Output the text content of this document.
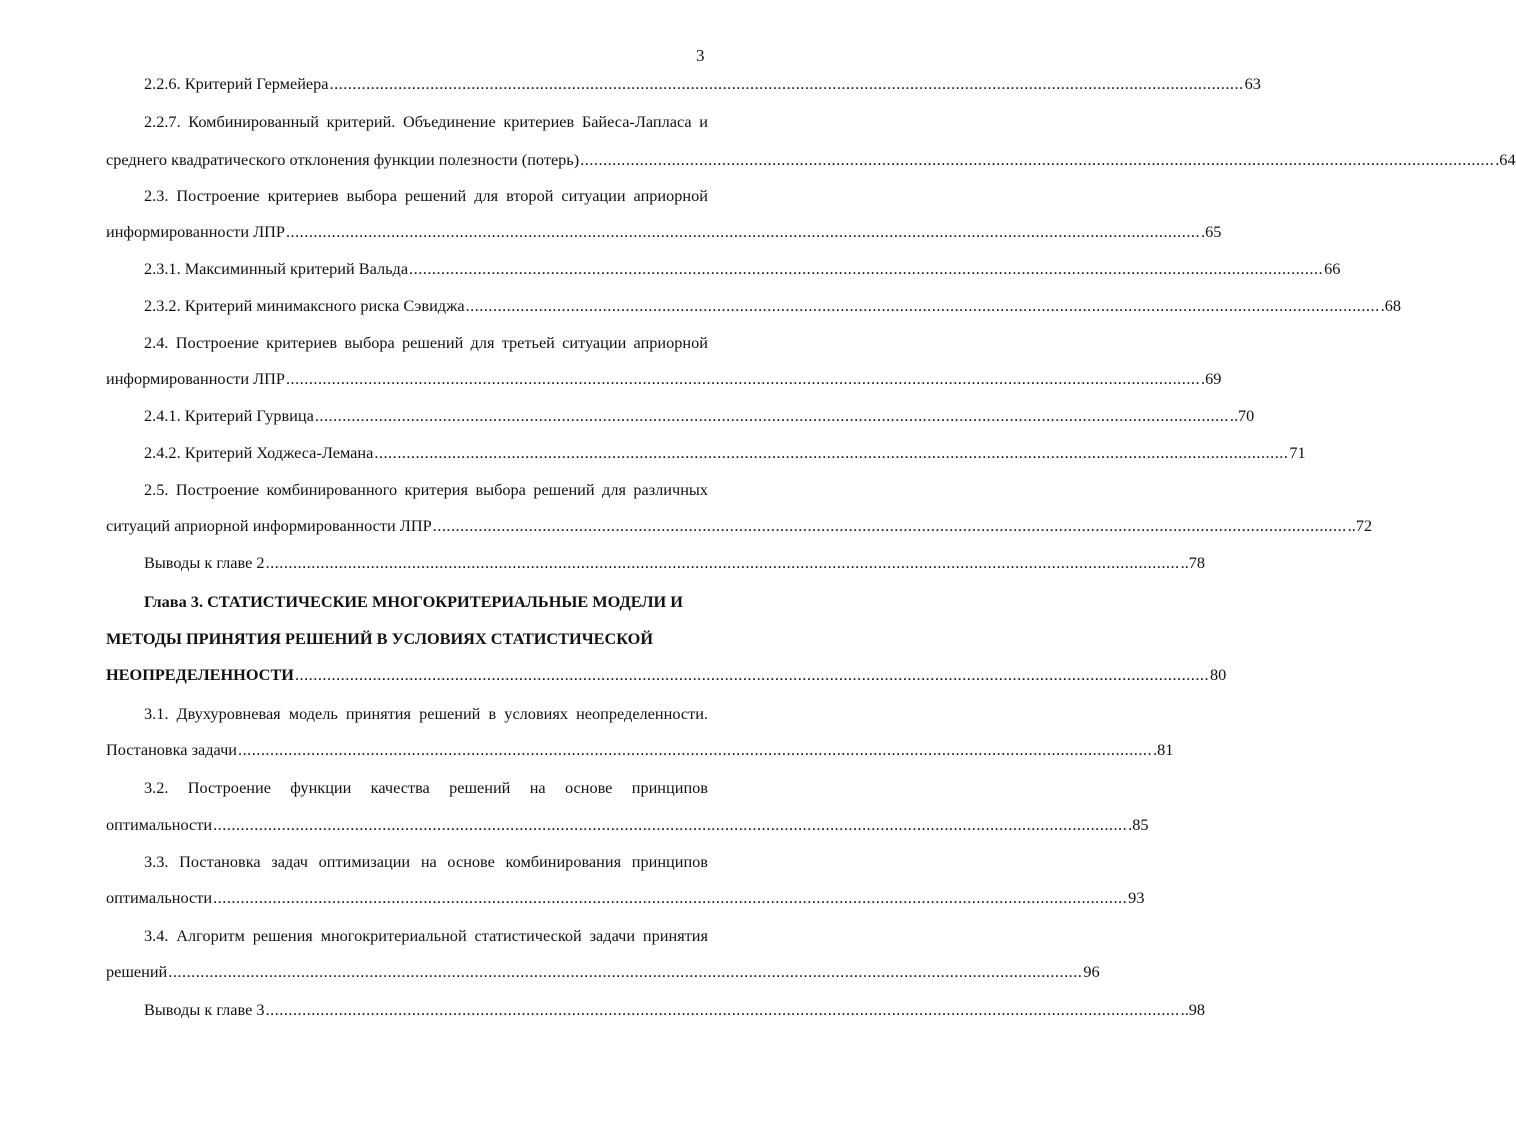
3
2.2.6. Критерий Гермейера ........................................................................................................................................................................................................ 63
2.2.7. Комбинированный критерий. Объединение критериев Байеса-Лапласа и
среднего квадратического отклонения функции полезности (потерь) ........................................................................................................................................................................................................ .64
2.3. Построение критериев выбора решений для второй ситуации априорной
информированности ЛПР ........................................................................................................................................................................................................ .65
2.3.1. Максиминный критерий Вальда ........................................................................................................................................................................................................ 66
2.3.2. Критерий минимаксного риска Сэвиджа ........................................................................................................................................................................................................ .68
2.4. Построение критериев выбора решений для третьей ситуации априорной
информированности ЛПР ........................................................................................................................................................................................................ .69
2.4.1. Критерий Гурвица ........................................................................................................................................................................................................ ..70
2.4.2. Критерий Ходжеса-Лемана ........................................................................................................................................................................................................ 71
2.5. Построение комбинированного критерия выбора решений для различных
ситуаций априорной информированности ЛПР ........................................................................................................................................................................................................ ..72
Выводы к главе 2 ........................................................................................................................................................................................................ ..78
Глава 3. СТАТИСТИЧЕСКИЕ МНОГОКРИТЕРИАЛЬНЫЕ МОДЕЛИ И
МЕТОДЫ ПРИНЯТИЯ РЕШЕНИЙ В УСЛОВИЯХ СТАТИСТИЧЕСКОЙ
НЕОПРЕДЕЛЕННОСТИ ........................................................................................................................................................................................................ 80
3.1. Двухуровневая модель принятия решений в условиях неопределенности.
Постановка задачи ........................................................................................................................................................................................................ .81
3.2. Построение функции качества решений на основе принципов
оптимальности ........................................................................................................................................................................................................ .85
3.3. Постановка задач оптимизации на основе комбинирования принципов
оптимальности ........................................................................................................................................................................................................ 93
3.4. Алгоритм решения многокритериальной статистической задачи принятия
решений ........................................................................................................................................................................................................ 96
Выводы к главе 3 ........................................................................................................................................................................................................ ..98
